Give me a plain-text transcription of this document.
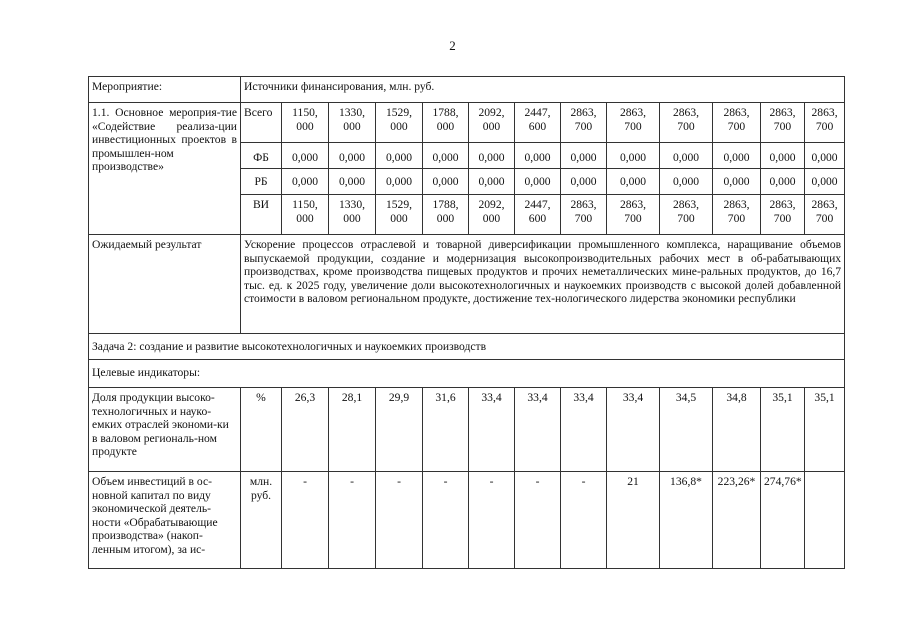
2
Мероприятие:	Источники финансирования, млн. руб.												
1.1. Основное мероприя-тие «Содействие реализа-ции инвестиционных проектов в промышлен-ном производстве»	Всего	1150, 000	1330, 000	1529, 000	1788, 000	2092, 000	2447, 600	2863, 700	2863, 700	2863, 700	2863, 700	2863, 700	2863, 700
	ФБ	0,000	0,000	0,000	0,000	0,000	0,000	0,000	0,000	0,000	0,000	0,000	0,000
	РБ	0,000	0,000	0,000	0,000	0,000	0,000	0,000	0,000	0,000	0,000	0,000	0,000
	ВИ	1150, 000	1330, 000	1529, 000	1788, 000	2092, 000	2447, 600	2863, 700	2863, 700	2863, 700	2863, 700	2863, 700	2863, 700
Ожидаемый результат	Ускорение процессов отраслевой и товарной диверсификации промышленного комплекса, наращивание объемов выпускаемой продукции, создание и модернизация высокопроизводительных рабочих мест в об-рабатывающих производствах, кроме производства пищевых продуктов и прочих неметаллических мине-ральных продуктов, до 16,7 тыс. ед. к 2025 году, увеличение доли высокотехнологичных и наукоемких производств с высокой долей добавленной стоимости в валовом региональном продукте, достижение тех-нологического лидерства экономики республики												
Задача 2: создание и развитие высокотехнологичных и наукоемких производств													
Целевые индикаторы:													
Доля продукции высоко-технологичных и науко-емких отраслей экономи-ки в валовом региональ-ном продукте	%	26,3	28,1	29,9	31,6	33,4	33,4	33,4	33,4	34,5	34,8	35,1	35,1
Объем инвестиций в ос-новной капитал по виду экономической деятель-ности «Обрабатывающие производства» (накоп-ленным итогом), за ис-	млн. руб.	-	-	-	-	-	-	-	21	136,8*	223,26*	274,76*	
